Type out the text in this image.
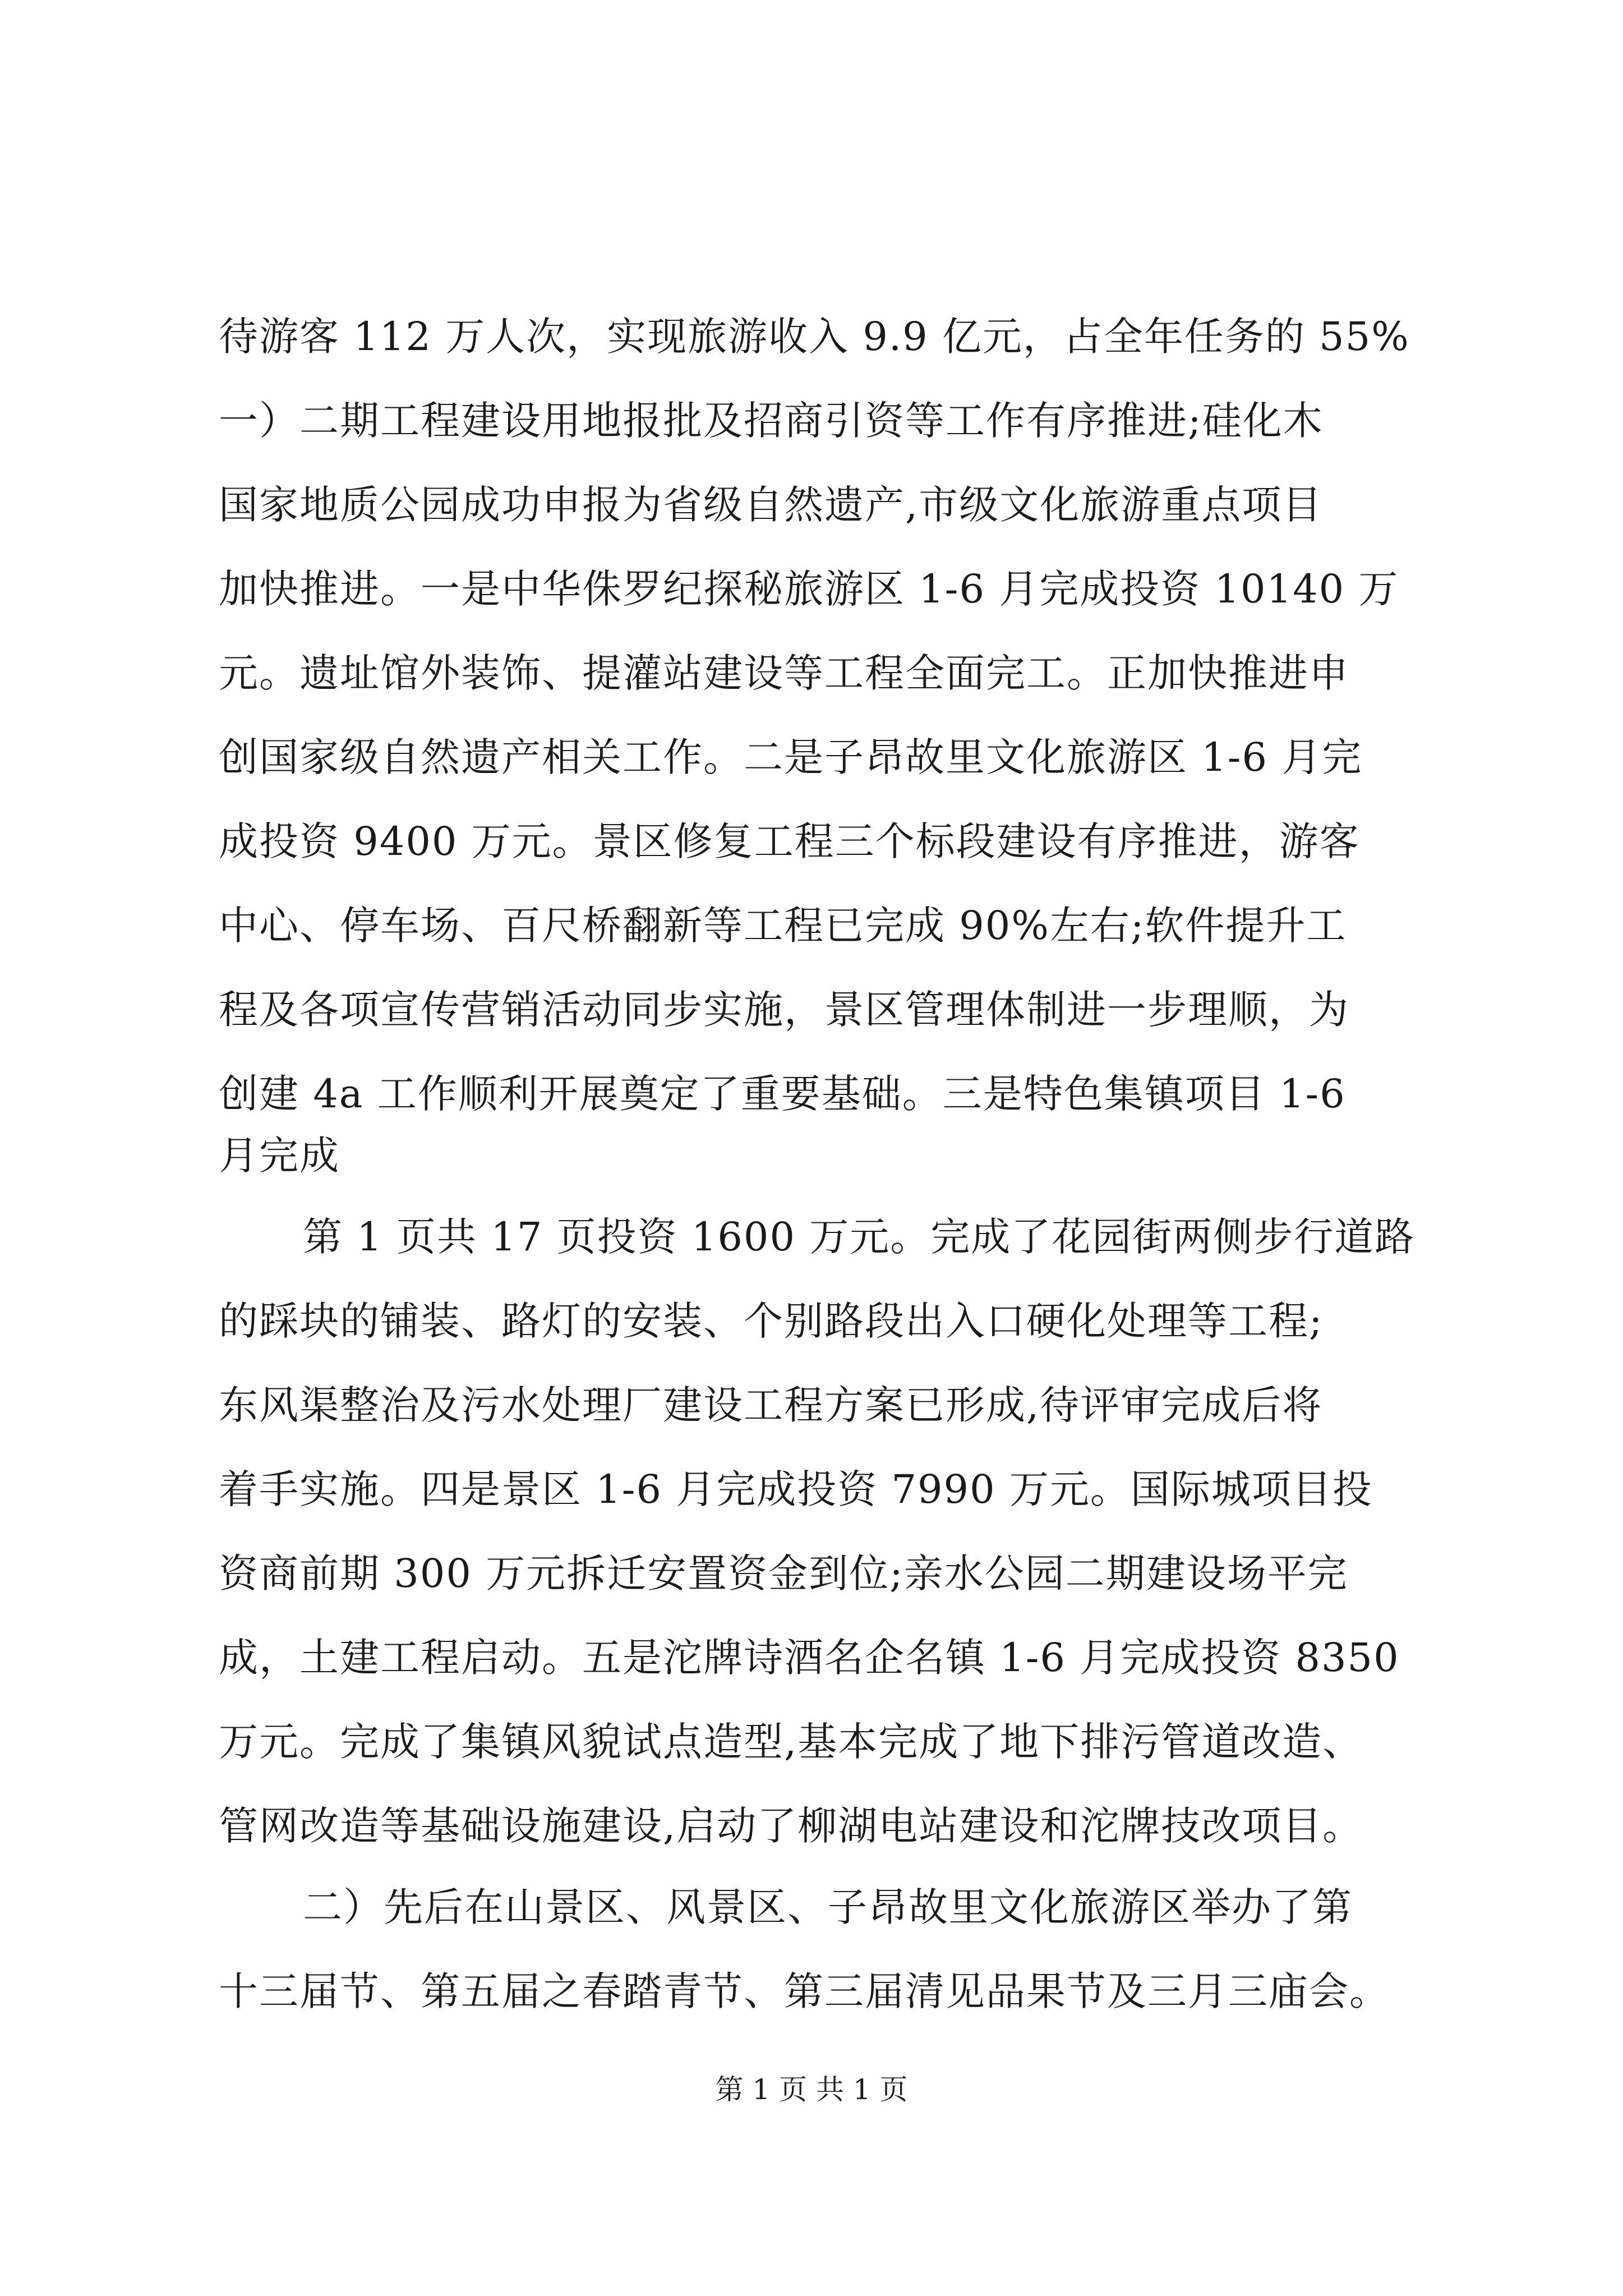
待游客 112 万人次，实现旅游收入 9.9 亿元，占全年任务的 55%
一）二期工程建设用地报批及招商引资等工作有序推进;硅化木
国家地质公园成功申报为省级自然遗产,市级文化旅游重点项目
加快推进。一是中华侏罗纪探秘旅游区 1-6 月完成投资 10140 万
元。遗址馆外装饰、提灌站建设等工程全面完工。正加快推进申
创国家级自然遗产相关工作。二是子昂故里文化旅游区 1-6 月完
成投资 9400 万元。景区修复工程三个标段建设有序推进，游客
中心、停车场、百尺桥翻新等工程已完成 90%左右;软件提升工
程及各项宣传营销活动同步实施，景区管理体制进一步理顺，为
创建 4a 工作顺利开展奠定了重要基础。三是特色集镇项目 1-6
月完成
第 1 页共 17 页投资 1600 万元。完成了花园街两侧步行道路
的踩块的铺装、路灯的安装、个别路段出入口硬化处理等工程;
东风渠整治及污水处理厂建设工程方案已形成,待评审完成后将
着手实施。四是景区 1-6 月完成投资 7990 万元。国际城项目投
资商前期 300 万元拆迁安置资金到位;亲水公园二期建设场平完
成，土建工程启动。五是沱牌诗酒名企名镇 1-6 月完成投资 8350
万元。完成了集镇风貌试点造型,基本完成了地下排污管道改造、
管网改造等基础设施建设,启动了柳湖电站建设和沱牌技改项目。
二）先后在山景区、风景区、子昂故里文化旅游区举办了第
十三届节、第五届之春踏青节、第三届清见品果节及三月三庙会。
第 1 页 共 1 页
